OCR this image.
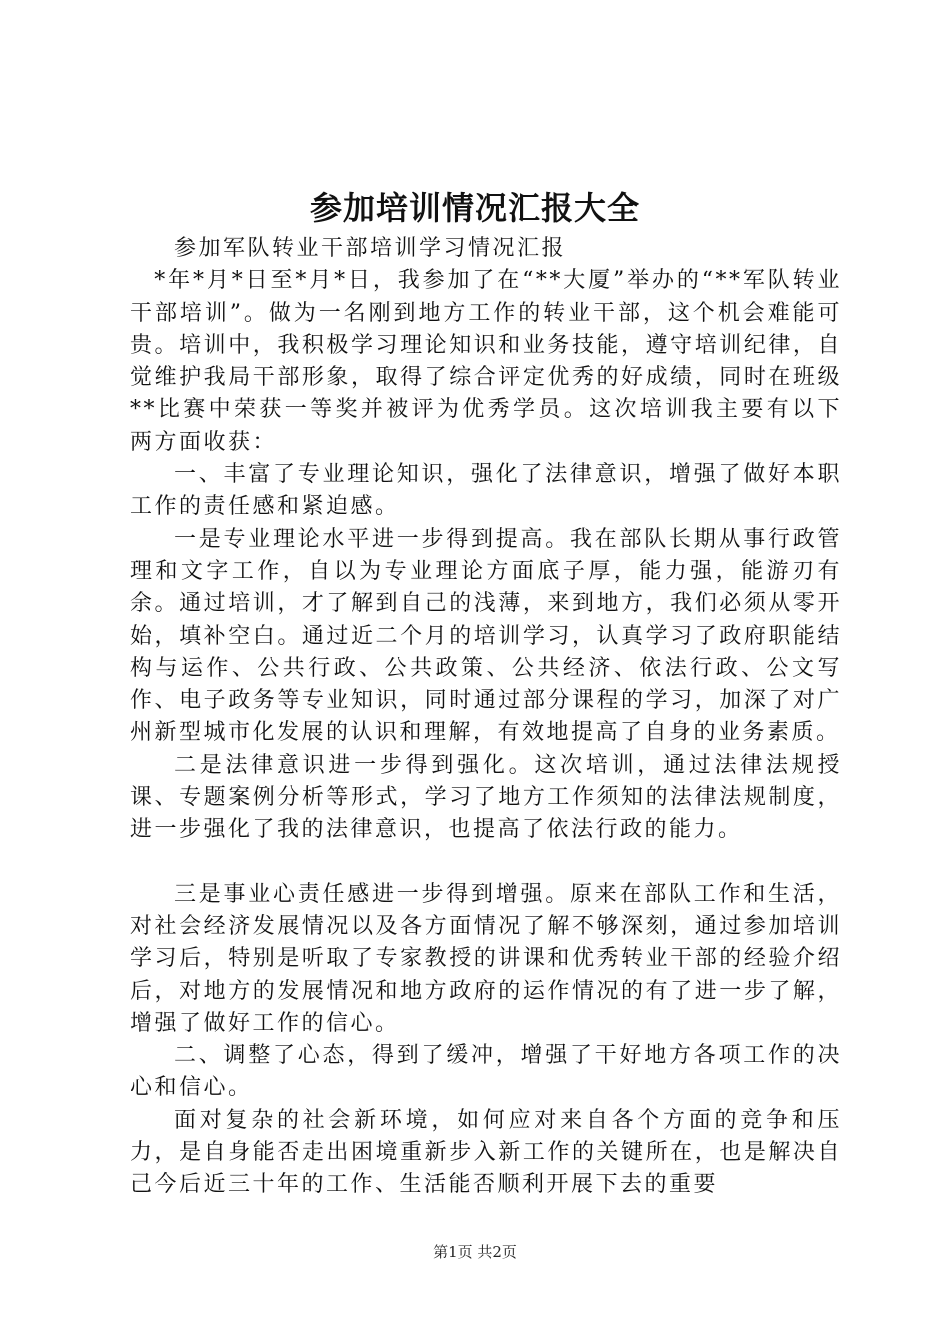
参加培训情况汇报大全

参加军队转业干部培训学习情况汇报

*年*月*日至*月*日，我参加了在“**大厦”举办的“**军队转业干部培训”。做为一名刚到地方工作的转业干部，这个机会难能可贵。培训中，我积极学习理论知识和业务技能，遵守培训纪律，自觉维护我局干部形象，取得了综合评定优秀的好成绩，同时在班级**比赛中荣获一等奖并被评为优秀学员。这次培训我主要有以下两方面收获：

一、丰富了专业理论知识，强化了法律意识，增强了做好本职工作的责任感和紧迫感。

一是专业理论水平进一步得到提高。我在部队长期从事行政管理和文字工作，自以为专业理论方面底子厚，能力强，能游刃有余。通过培训，才了解到自己的浅薄，来到地方，我们必须从零开始，填补空白。通过近二个月的培训学习，认真学习了政府职能结构与运作、公共行政、公共政策、公共经济、依法行政、公文写作、电子政务等专业知识，同时通过部分课程的学习，加深了对广州新型城市化发展的认识和理解，有效地提高了自身的业务素质。

二是法律意识进一步得到强化。这次培训，通过法律法规授课、专题案例分析等形式，学习了地方工作须知的法律法规制度，进一步强化了我的法律意识，也提高了依法行政的能力。

三是事业心责任感进一步得到增强。原来在部队工作和生活，对社会经济发展情况以及各方面情况了解不够深刻，通过参加培训学习后，特别是听取了专家教授的讲课和优秀转业干部的经验介绍后，对地方的发展情况和地方政府的运作情况的有了进一步了解，增强了做好工作的信心。

二、调整了心态，得到了缓冲，增强了干好地方各项工作的决心和信心。

面对复杂的社会新环境，如何应对来自各个方面的竞争和压力，是自身能否走出困境重新步入新工作的关键所在，也是解决自己今后近三十年的工作、生活能否顺利开展下去的重要

第1页 共2页
